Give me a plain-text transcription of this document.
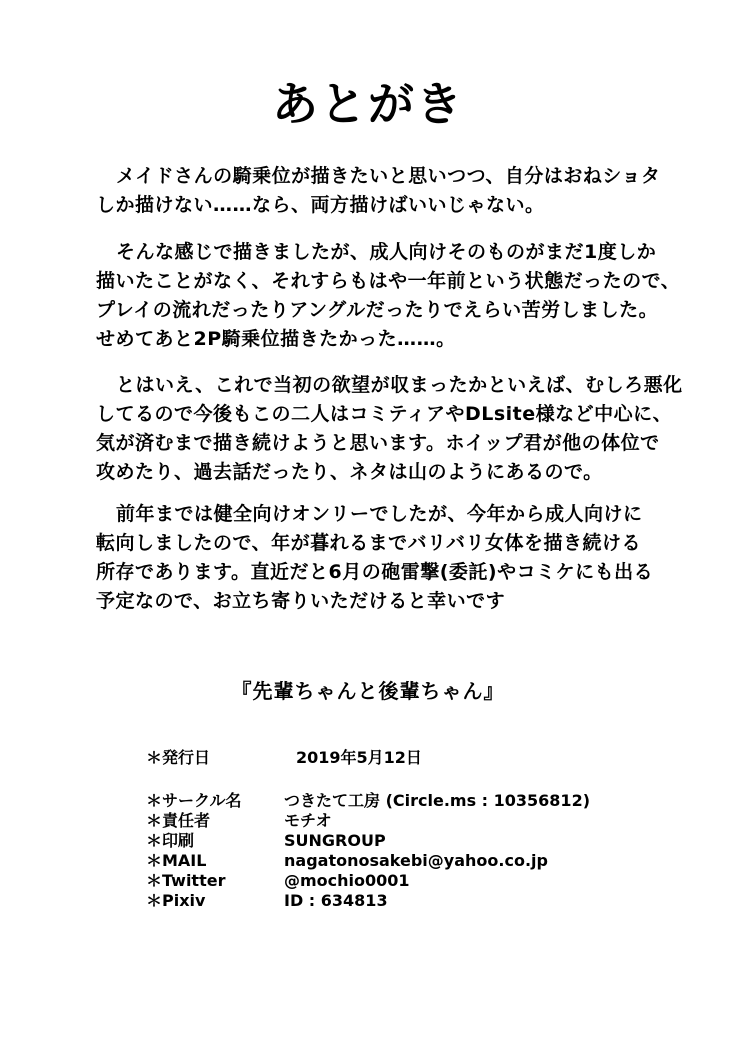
あとがき
メイドさんの騎乗位が描きたいと思いつつ、自分はおねショタ
しか描けない……なら、両方描けばいいじゃない。
そんな感じで描きましたが、成人向けそのものがまだ1度しか
描いたことがなく、それすらもはや一年前という状態だったので、
プレイの流れだったりアングルだったりでえらい苦労しました。
せめてあと2P騎乗位描きたかった……。
とはいえ、これで当初の欲望が収まったかといえば、むしろ悪化
してるので今後もこの二人はコミティアやDLsite様など中心に、
気が済むまで描き続けようと思います。ホイップ君が他の体位で
攻めたり、過去話だったり、ネタは山のようにあるので。
前年までは健全向けオンリーでしたが、今年から成人向けに
転向しましたので、年が暮れるまでバリバリ女体を描き続ける
所存であります。直近だと6月の砲雷撃(委託)やコミケにも出る
予定なので、お立ち寄りいただけると幸いです
『先輩ちゃんと後輩ちゃん』
＊発行日	2019年5月12日
＊サークル名	つきたて工房 (Circle.ms : 10356812)
＊責任者	モチオ
＊印刷	SUNGROUP
＊MAIL	nagatonosakebi@yahoo.co.jp
＊Twitter	@mochio0001
＊Pixiv	ID : 634813
